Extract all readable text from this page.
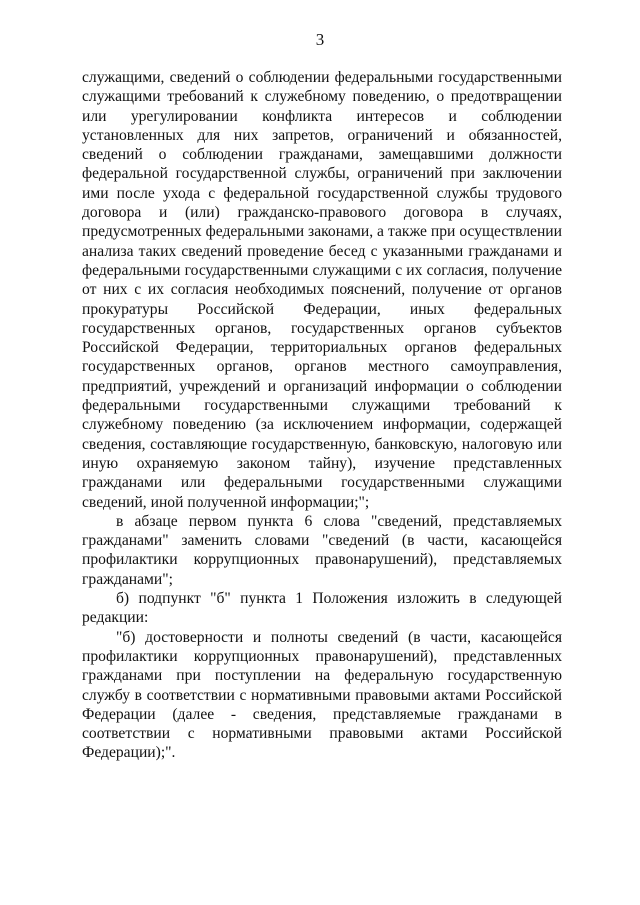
3

служащими, сведений о соблюдении федеральными государственными служащими требований к служебному поведению, о предотвращении или урегулировании конфликта интересов и соблюдении установленных для них запретов, ограничений и обязанностей, сведений о соблюдении гражданами, замещавшими должности федеральной государственной службы, ограничений при заключении ими после ухода с федеральной государственной службы трудового договора и (или) гражданско-правового договора в случаях, предусмотренных федеральными законами, а также при осуществлении анализа таких сведений проведение бесед с указанными гражданами и федеральными государственными служащими с их согласия, получение от них с их согласия необходимых пояснений, получение от органов прокуратуры Российской Федерации, иных федеральных государственных органов, государственных органов субъектов Российской Федерации, территориальных органов федеральных государственных органов, органов местного самоуправления, предприятий, учреждений и организаций информации о соблюдении федеральными государственными служащими требований к служебному поведению (за исключением информации, содержащей сведения, составляющие государственную, банковскую, налоговую или иную охраняемую законом тайну), изучение представленных гражданами или федеральными государственными служащими сведений, иной полученной информации;";

в абзаце первом пункта 6 слова "сведений, представляемых гражданами" заменить словами "сведений (в части, касающейся профилактики коррупционных правонарушений), представляемых гражданами";

б) подпункт "б" пункта 1 Положения изложить в следующей редакции:

"б) достоверности и полноты сведений (в части, касающейся профилактики коррупционных правонарушений), представленных гражданами при поступлении на федеральную государственную службу в соответствии с нормативными правовыми актами Российской Федерации (далее - сведения, представляемые гражданами в соответствии с нормативными правовыми актами Российской Федерации);".
